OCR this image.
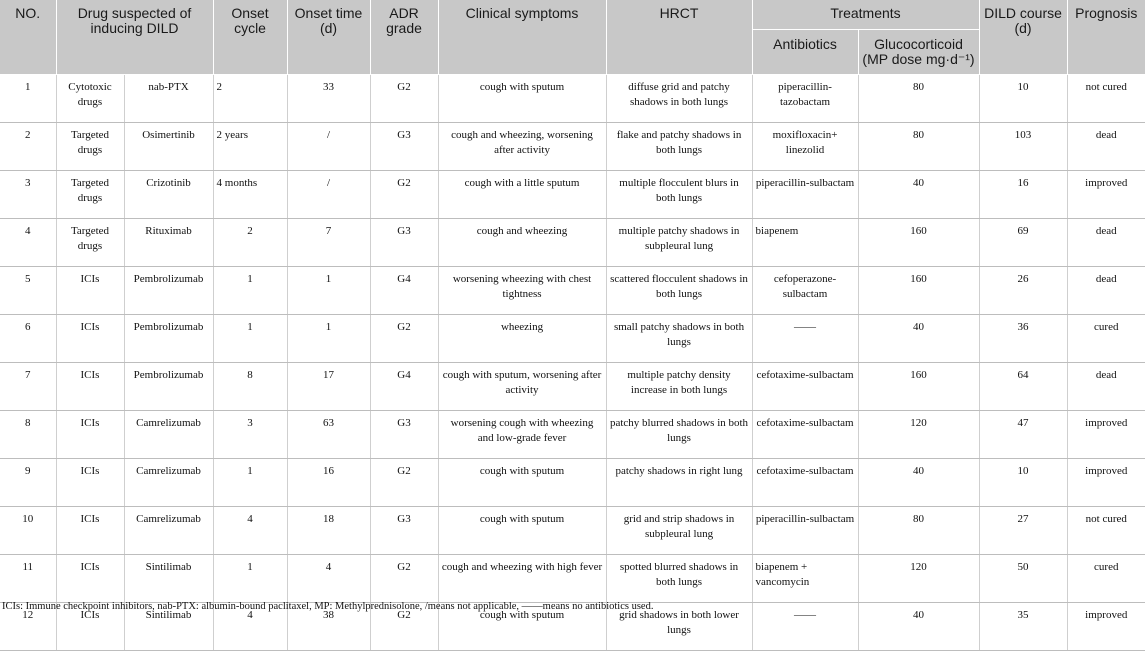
NO.	Drug suspected of inducing DILD		Onset cycle	Onset time (d)	ADR grade	Clinical symptoms	HRCT	Treatments		DILD course (d)	Prognosis
								Antibiotics	Glucocorticoid (MP dose mg·d⁻¹)		
1	Cytotoxic drugs	nab-PTX	2	33	G2	cough with sputum	diffuse grid and patchy shadows in both lungs	piperacillin-tazobactam	80	10	not cured
2	Targeted drugs	Osimertinib	2 years	/	G3	cough and wheezing, worsening after activity	flake and patchy shadows in both lungs	moxifloxacin+ linezolid	80	103	dead
3	Targeted drugs	Crizotinib	4 months	/	G2	cough with a little sputum	multiple flocculent blurs in both lungs	piperacillin-sulbactam	40	16	improved
4	Targeted drugs	Rituximab	2	7	G3	cough and wheezing	multiple patchy shadows in subpleural lung	biapenem	160	69	dead
5	ICIs	Pembrolizumab	1	1	G4	worsening wheezing with chest tightness	scattered flocculent shadows in both lungs	cefoperazone-sulbactam	160	26	dead
6	ICIs	Pembrolizumab	1	1	G2	wheezing	small patchy shadows in both lungs	——	40	36	cured
7	ICIs	Pembrolizumab	8	17	G4	cough with sputum, worsening after activity	multiple patchy density increase in both lungs	cefotaxime-sulbactam	160	64	dead
8	ICIs	Camrelizumab	3	63	G3	worsening cough with wheezing and low-grade fever	patchy blurred shadows in both lungs	cefotaxime-sulbactam	120	47	improved
9	ICIs	Camrelizumab	1	16	G2	cough with sputum	patchy shadows in right lung	cefotaxime-sulbactam	40	10	improved
10	ICIs	Camrelizumab	4	18	G3	cough with sputum	grid and strip shadows in subpleural lung	piperacillin-sulbactam	80	27	not cured
11	ICIs	Sintilimab	1	4	G2	cough and wheezing with high fever	spotted blurred shadows in both lungs	biapenem + vancomycin	120	50	cured
12	ICIs	Sintilimab	4	38	G2	cough with sputum	grid shadows in both lower lungs	——	40	35	improved
ICIs: Immune checkpoint inhibitors, nab-PTX: albumin-bound paclitaxel, MP: Methylprednisolone, /means not applicable, ——means no antibiotics used.
